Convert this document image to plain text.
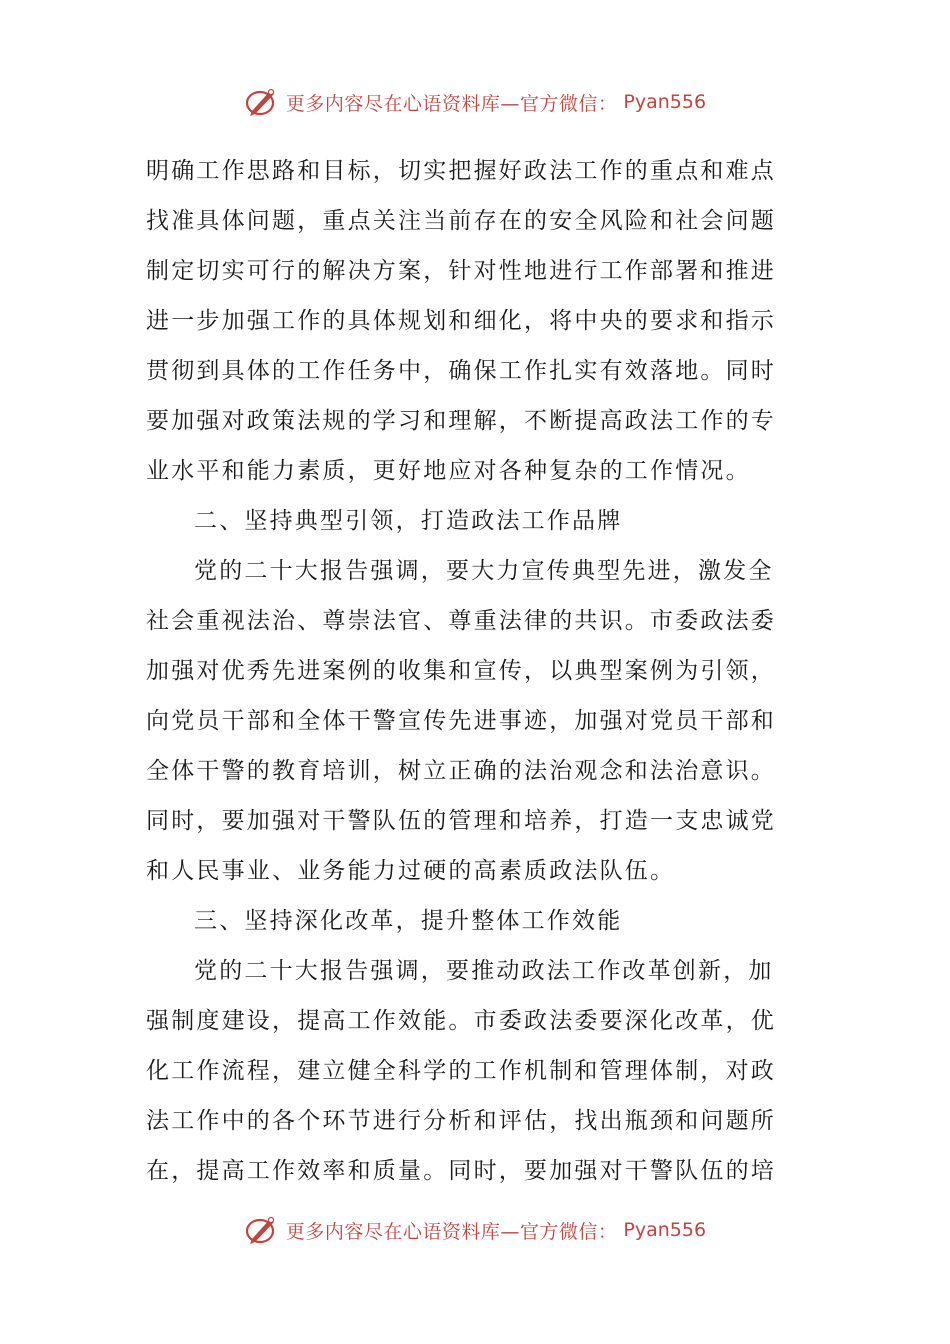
更多内容尽在心语资料库—官方微信： Pyan556
明确工作思路和目标，切实把握好政法工作的重点和难点
找准具体问题，重点关注当前存在的安全风险和社会问题
制定切实可行的解决方案，针对性地进行工作部署和推进
进一步加强工作的具体规划和细化，将中央的要求和指示
贯彻到具体的工作任务中，确保工作扎实有效落地。同时
要加强对政策法规的学习和理解，不断提高政法工作的专
业水平和能力素质，更好地应对各种复杂的工作情况。
二、坚持典型引领，打造政法工作品牌
党的二十大报告强调，要大力宣传典型先进，激发全
社会重视法治、尊崇法官、尊重法律的共识。市委政法委
加强对优秀先进案例的收集和宣传，以典型案例为引领，
向党员干部和全体干警宣传先进事迹，加强对党员干部和
全体干警的教育培训，树立正确的法治观念和法治意识。
同时，要加强对干警队伍的管理和培养，打造一支忠诚党
和人民事业、业务能力过硬的高素质政法队伍。
三、坚持深化改革，提升整体工作效能
党的二十大报告强调，要推动政法工作改革创新，加
强制度建设，提高工作效能。市委政法委要深化改革，优
化工作流程，建立健全科学的工作机制和管理体制，对政
法工作中的各个环节进行分析和评估，找出瓶颈和问题所
在，提高工作效率和质量。同时，要加强对干警队伍的培
更多内容尽在心语资料库—官方微信： Pyan556
